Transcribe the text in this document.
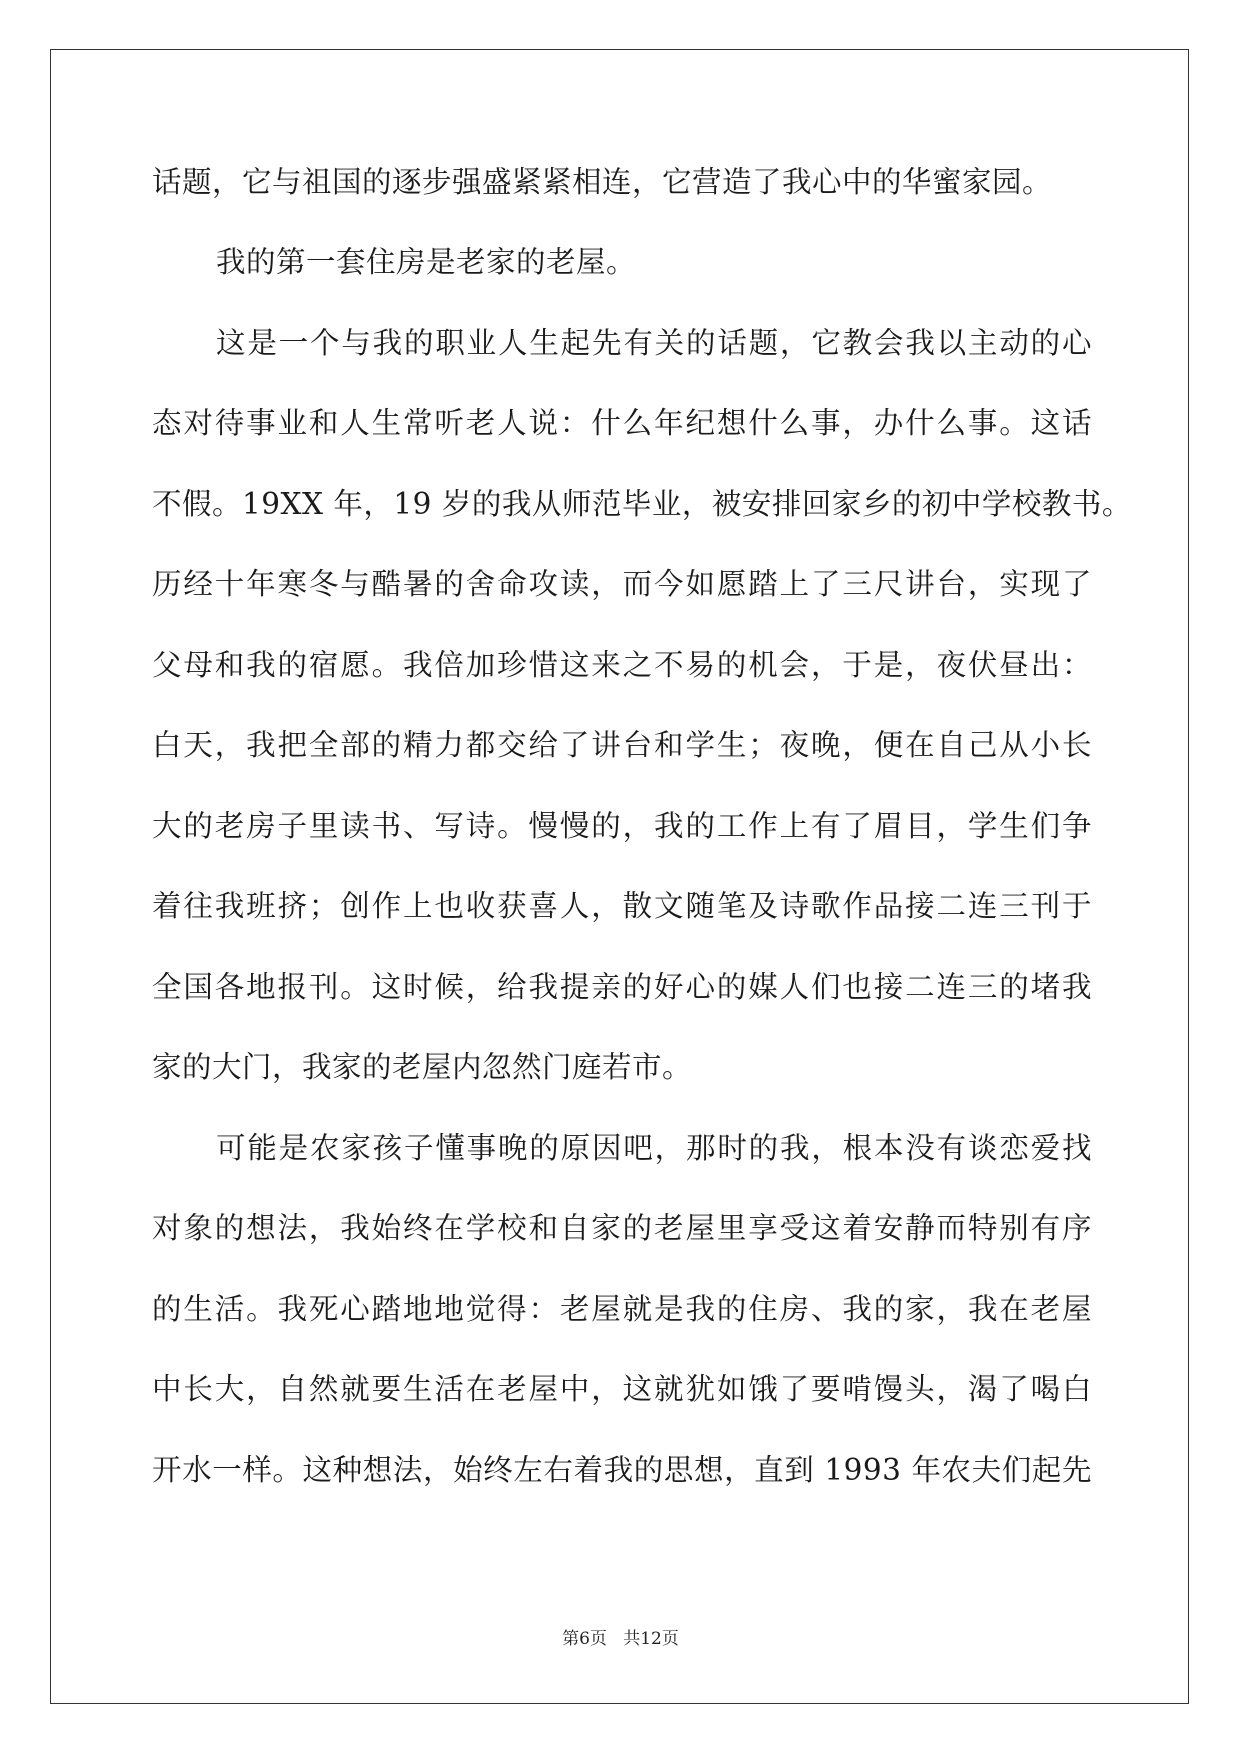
话题，它与祖国的逐步强盛紧紧相连，它营造了我心中的华蜜家园。
我的第一套住房是老家的老屋。
这是一个与我的职业人生起先有关的话题，它教会我以主动的心
态对待事业和人生常听老人说：什么年纪想什么事，办什么事。这话
不假。19XX 年，19 岁的我从师范毕业，被安排回家乡的初中学校教书。
历经十年寒冬与酷暑的舍命攻读，而今如愿踏上了三尺讲台，实现了
父母和我的宿愿。我倍加珍惜这来之不易的机会，于是，夜伏昼出：
白天，我把全部的精力都交给了讲台和学生；夜晚，便在自己从小长
大的老房子里读书、写诗。慢慢的，我的工作上有了眉目，学生们争
着往我班挤；创作上也收获喜人，散文随笔及诗歌作品接二连三刊于
全国各地报刊。这时候，给我提亲的好心的媒人们也接二连三的堵我
家的大门，我家的老屋内忽然门庭若市。
可能是农家孩子懂事晚的原因吧，那时的我，根本没有谈恋爱找
对象的想法，我始终在学校和自家的老屋里享受这着安静而特别有序
的生活。我死心踏地地觉得：老屋就是我的住房、我的家，我在老屋
中长大，自然就要生活在老屋中，这就犹如饿了要啃馒头，渴了喝白
开水一样。这种想法，始终左右着我的思想，直到 1993 年农夫们起先
第6页 共12页
